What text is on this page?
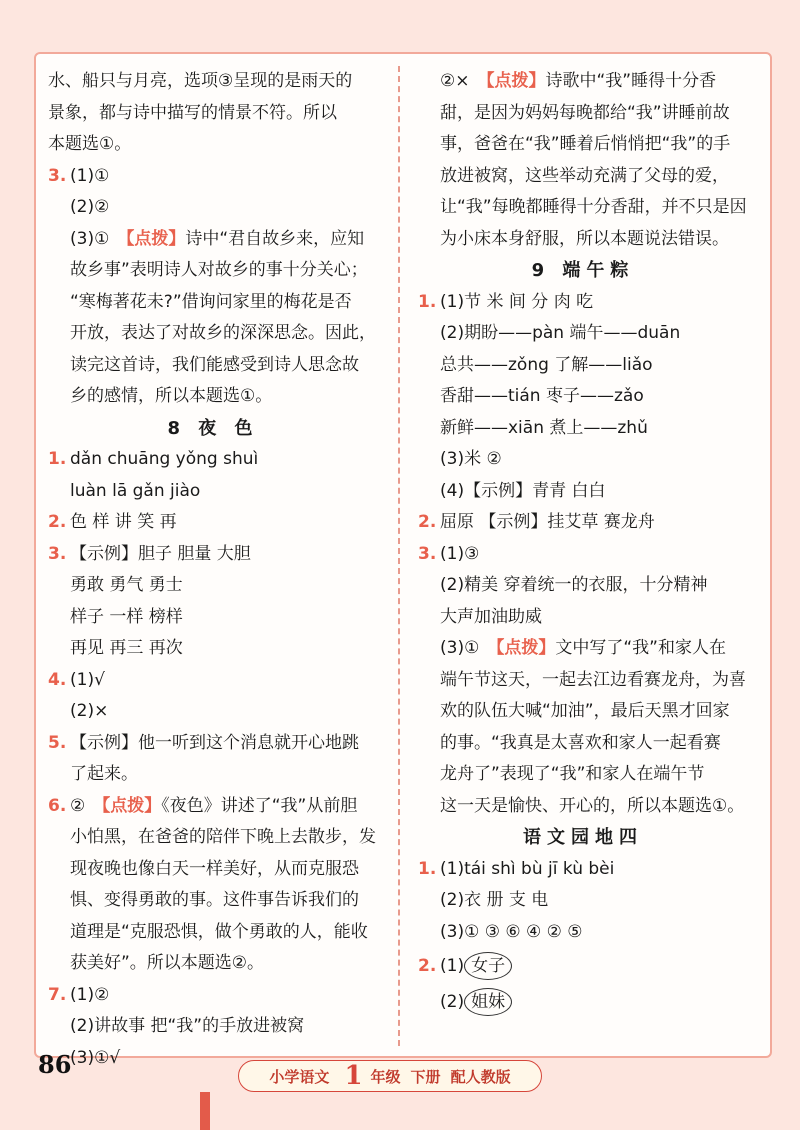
水、船只与月亮，选项③呈现的是雨天的
景象，都与诗中描写的情景不符。所以
本题选①。
3. (1)①
(2)②
(3)① 【点拨】诗中“君自故乡来，应知
故乡事”表明诗人对故乡的事十分关心；
“寒梅著花未?”借询问家里的梅花是否
开放，表达了对故乡的深深思念。因此，
读完这首诗，我们能感受到诗人思念故
乡的感情，所以本题选①。
8 夜 色
1. dǎn chuāng yǒng shuì
luàn lā gǎn jiào
2. 色 样 讲 笑 再
3. 【示例】胆子 胆量 大胆
勇敢 勇气 勇士
样子 一样 榜样
再见 再三 再次
4. (1)√
(2)×
5. 【示例】他一听到这个消息就开心地跳
了起来。
6. ② 【点拨】《夜色》讲述了“我”从前胆
小怕黑，在爸爸的陪伴下晚上去散步，发
现夜晚也像白天一样美好，从而克服恐
惧、变得勇敢的事。这件事告诉我们的
道理是“克服恐惧，做个勇敢的人，能收
获美好”。所以本题选②。
7. (1)②
(2)讲故事 把“我”的手放进被窝
(3)①√
②× 【点拨】诗歌中“我”睡得十分香
甜，是因为妈妈每晚都给“我”讲睡前故
事，爸爸在“我”睡着后悄悄把“我”的手
放进被窝，这些举动充满了父母的爱，
让“我”每晚都睡得十分香甜，并不只是因
为小床本身舒服，所以本题说法错误。
9 端午粽
1. (1)节 米 间 分 肉 吃
(2)期盼——pàn 端午——duān
总共——zǒng 了解——liǎo
香甜——tián 枣子——zǎo
新鲜——xiān 煮上——zhǔ
(3)米 ②
(4)【示例】青青 白白
2. 屈原 【示例】挂艾草 赛龙舟
3. (1)③
(2)精美 穿着统一的衣服，十分精神
大声加油助威
(3)① 【点拨】文中写了“我”和家人在
端午节这天，一起去江边看赛龙舟，为喜
欢的队伍大喊“加油”，最后天黑才回家
的事。“我真是太喜欢和家人一起看赛
龙舟了”表现了“我”和家人在端午节
这一天是愉快、开心的，所以本题选①。
语文园地四
1. (1)tái shì bù jī kù bèi
(2)衣 册 支 电
(3)① ③ ⑥ ④ ② ⑤
2. (1) 女子
(2) 姐妹
86	小学语文 1 年级 下册 配人教版
